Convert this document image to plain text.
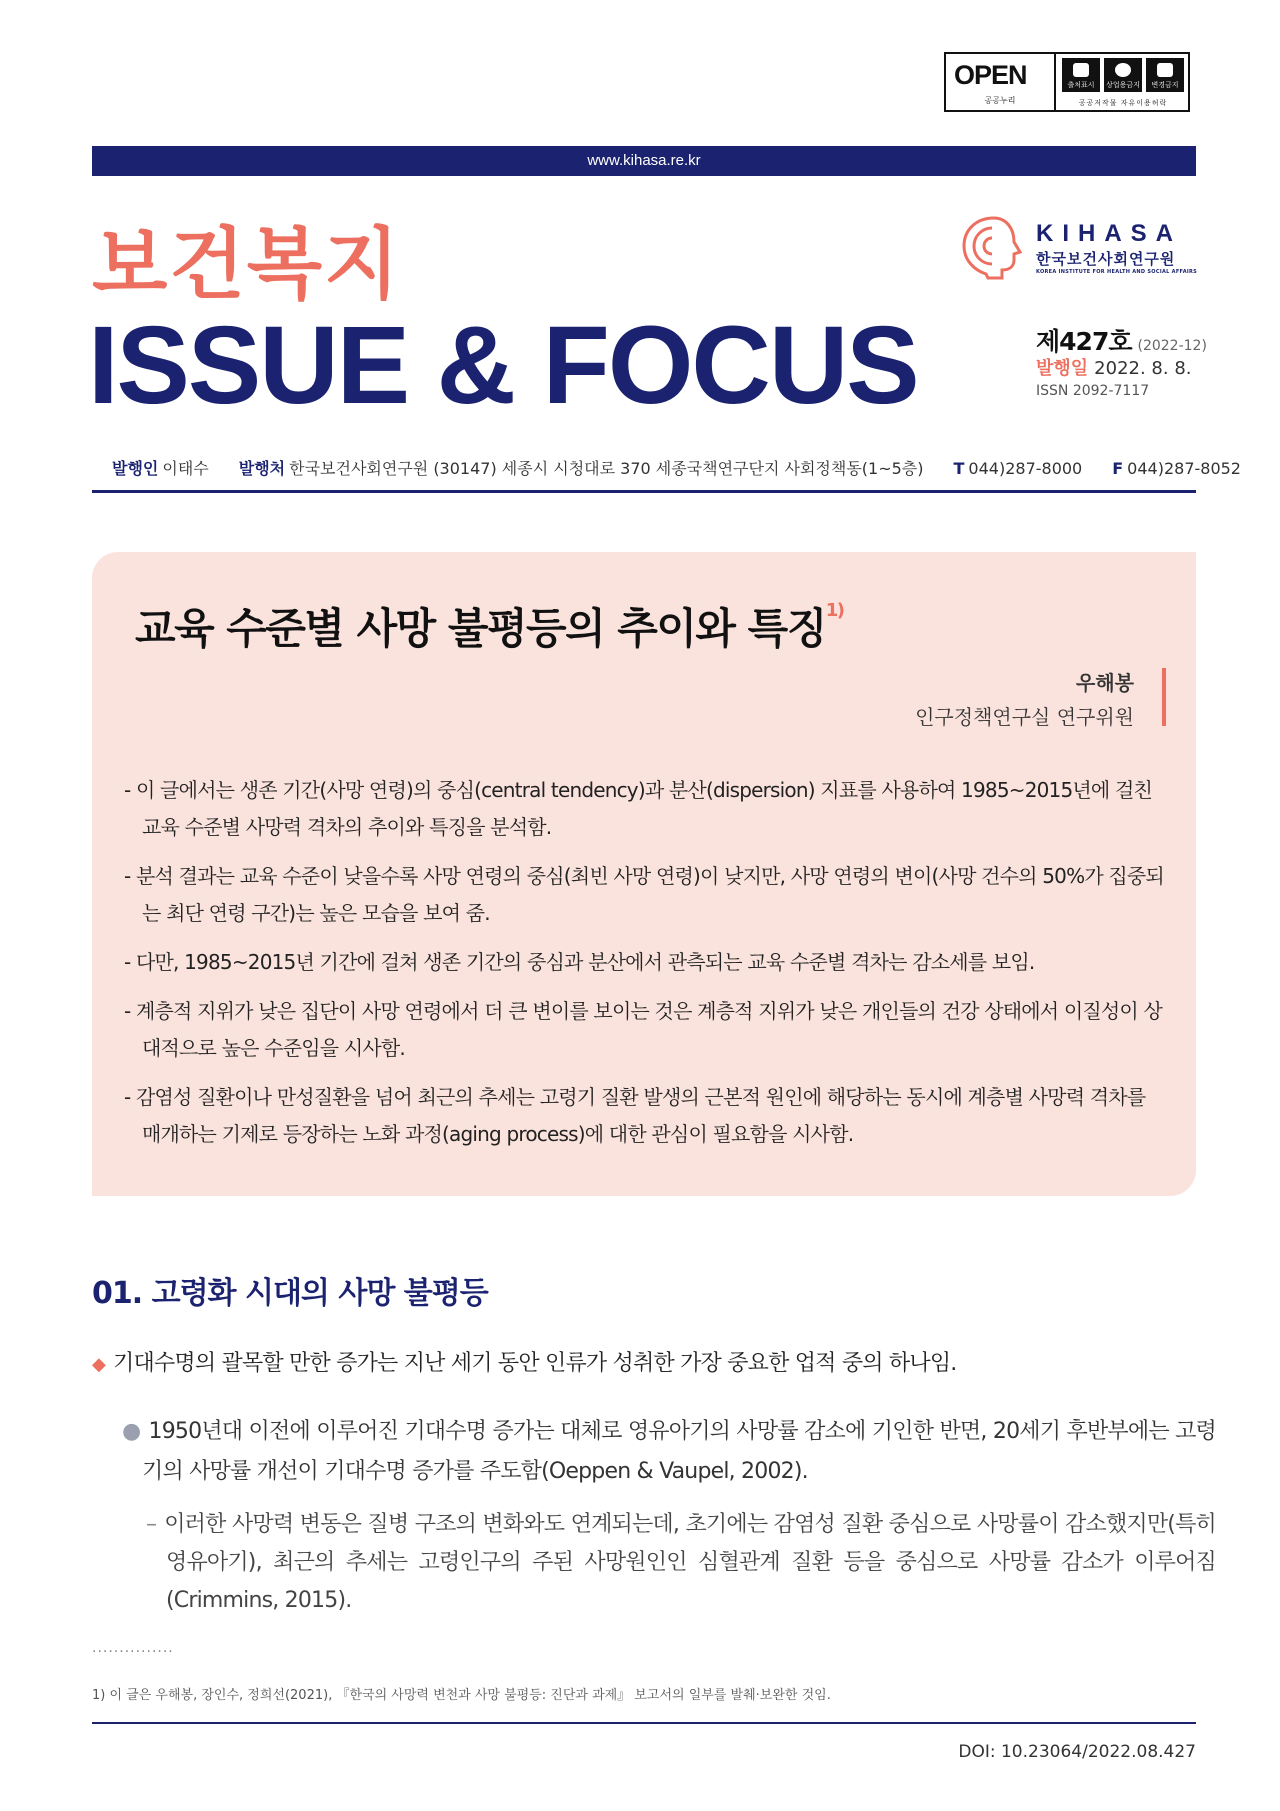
OPEN
공공누리
출처표시 상업용금지 변경금지
공공저작물 자유이용허락
www.kihasa.re.kr
보건복지
ISSUE & FOCUS
KIHASA
한국보건사회연구원
KOREA INSTITUTE FOR HEALTH AND SOCIAL AFFAIRS
제427호 (2022-12)
발행일 2022. 8. 8.
ISSN 2092-7117
발행인 이태수 발행처 한국보건사회연구원 (30147) 세종시 시청대로 370 세종국책연구단지 사회정책동(1~5층) T 044)287-8000 F 044)287-8052
교육 수준별 사망 불평등의 추이와 특징$^{1)}$
우해봉
인구정책연구실 연구위원
- 이 글에서는 생존 기간(사망 연령)의 중심(central tendency)과 분산(dispersion) 지표를 사용하여 1985~2015년에 걸친 교육 수준별 사망력 격차의 추이와 특징을 분석함.
- 분석 결과는 교육 수준이 낮을수록 사망 연령의 중심(최빈 사망 연령)이 낮지만, 사망 연령의 변이(사망 건수의 50%가 집중되는 최단 연령 구간)는 높은 모습을 보여 줌.
- 다만, 1985~2015년 기간에 걸쳐 생존 기간의 중심과 분산에서 관측되는 교육 수준별 격차는 감소세를 보임.
- 계층적 지위가 낮은 집단이 사망 연령에서 더 큰 변이를 보이는 것은 계층적 지위가 낮은 개인들의 건강 상태에서 이질성이 상대적으로 높은 수준임을 시사함.
- 감염성 질환이나 만성질환을 넘어 최근의 추세는 고령기 질환 발생의 근본적 원인에 해당하는 동시에 계층별 사망력 격차를 매개하는 기제로 등장하는 노화 과정(aging process)에 대한 관심이 필요함을 시사함.
01. 고령화 시대의 사망 불평등
◆ 기대수명의 괄목할 만한 증가는 지난 세기 동안 인류가 성취한 가장 중요한 업적 중의 하나임.
● 1950년대 이전에 이루어진 기대수명 증가는 대체로 영유아기의 사망률 감소에 기인한 반면, 20세기 후반부에는 고령기의 사망률 개선이 기대수명 증가를 주도함(Oeppen & Vaupel, 2002).
– 이러한 사망력 변동은 질병 구조의 변화와도 연계되는데, 초기에는 감염성 질환 중심으로 사망률이 감소했지만(특히 영유아기), 최근의 추세는 고령인구의 주된 사망원인인 심혈관계 질환 등을 중심으로 사망률 감소가 이루어짐(Crimmins, 2015).
...............
1) 이 글은 우해봉, 장인수, 정희선(2021), 『한국의 사망력 변천과 사망 불평등: 진단과 과제』 보고서의 일부를 발췌·보완한 것임.
DOI: 10.23064/2022.08.427
